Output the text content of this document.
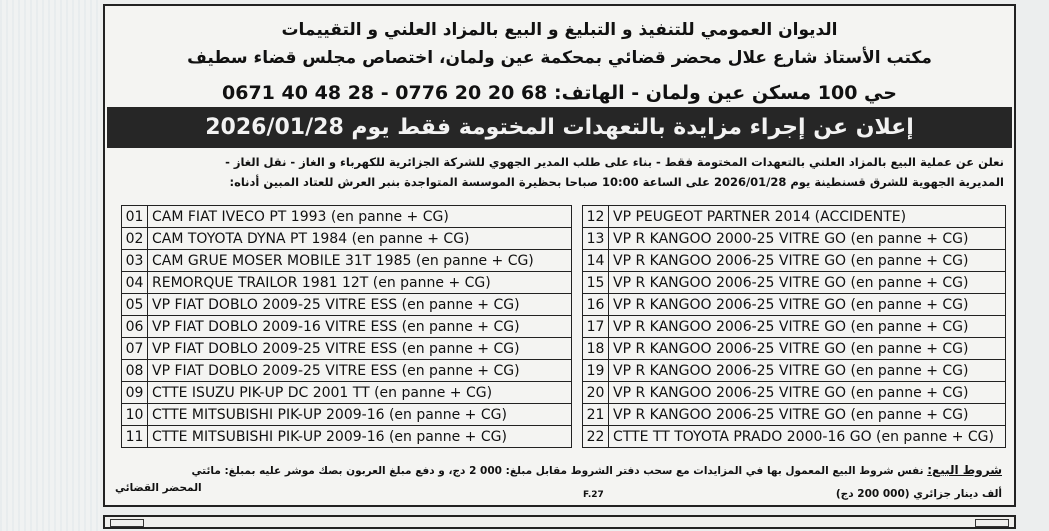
الديوان العمومي للتنفيذ و التبليغ و البيع بالمزاد العلني و التقييمات
مكتب الأستاذ شارع علال محضر قضائي بمحكمة عين ولمان، اختصاص مجلس قضاء سطيف
حي 100 مسكن عين ولمان - الهاتف: 68 20 20 0776 - 28 48 40 0671
إعلان عن إجراء مزايدة بالتعهدات المختومة فقط يوم 2026/01/28
نعلن عن عملية البيع بالمزاد العلني بالتعهدات المختومة فقط - بناء على طلب المدير الجهوي للشركة الجزائرية للكهرباء و الغاز - نقل الغاز -
المديرية الجهوية للشرق قسنطينة يوم 2026/01/28 على الساعة 10:00 صباحا بحظيرة الموسسة المتواجدة بنبر العرش للعتاد المبين أدناه:
01	CAM FIAT IVECO PT 1993 (en panne + CG)
02	CAM TOYOTA DYNA PT 1984 (en panne + CG)
03	CAM GRUE MOSER MOBILE 31T 1985 (en panne + CG)
04	REMORQUE TRAILOR 1981 12T (en panne + CG)
05	VP FIAT DOBLO 2009-25 VITRE ESS (en panne + CG)
06	VP FIAT DOBLO 2009-16 VITRE ESS (en panne + CG)
07	VP FIAT DOBLO 2009-25 VITRE ESS (en panne + CG)
08	VP FIAT DOBLO 2009-25 VITRE ESS (en panne + CG)
09	CTTE ISUZU PIK-UP DC 2001 TT (en panne + CG)
10	CTTE MITSUBISHI PIK-UP 2009-16 (en panne + CG)
11	CTTE MITSUBISHI PIK-UP 2009-16 (en panne + CG)
12	VP PEUGEOT PARTNER 2014 (ACCIDENTE)
13	VP R KANGOO 2000-25 VITRE GO (en panne + CG)
14	VP R KANGOO 2006-25 VITRE GO (en panne + CG)
15	VP R KANGOO 2006-25 VITRE GO (en panne + CG)
16	VP R KANGOO 2006-25 VITRE GO (en panne + CG)
17	VP R KANGOO 2006-25 VITRE GO (en panne + CG)
18	VP R KANGOO 2006-25 VITRE GO (en panne + CG)
19	VP R KANGOO 2006-25 VITRE GO (en panne + CG)
20	VP R KANGOO 2006-25 VITRE GO (en panne + CG)
21	VP R KANGOO 2006-25 VITRE GO (en panne + CG)
22	CTTE TT TOYOTA PRADO 2000-16 GO (en panne + CG)
شروط البيع: نفس شروط البيع المعمول بها في المزايدات مع سحب دفتر الشروط مقابل مبلغ: 000 2 دج، و دفع مبلغ العربون بصك موشر عليه بمبلغ: مائتي
ألف دينار جزائري (000 200 دج)
المحضر القضائي
F.27
